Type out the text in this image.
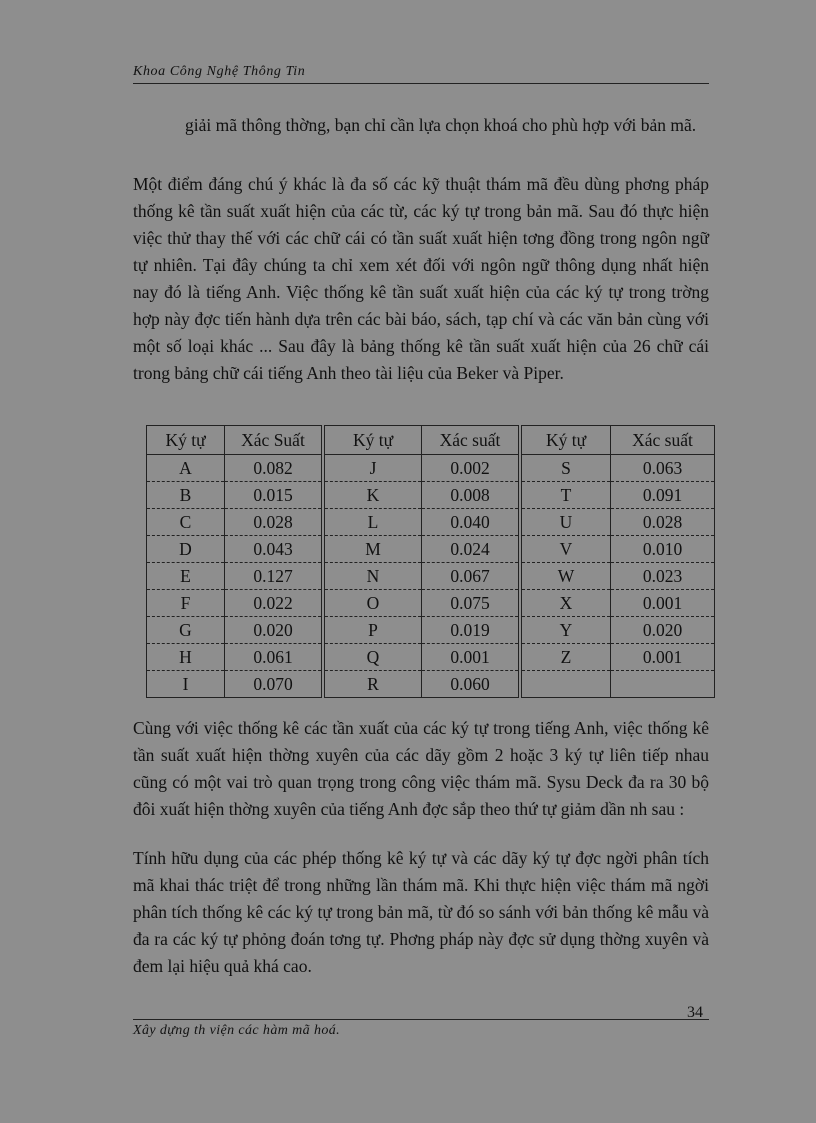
Khoa Công Nghệ Thông Tin

giải mã thông thờng, bạn chỉ cần lựa chọn khoá cho phù hợp với bản mã.

Một điểm đáng chú ý khác là đa số các kỹ thuật thám mã đều dùng phơng pháp thống kê tần suất xuất hiện của các từ, các ký tự trong bản mã. Sau đó thực hiện việc thử thay thế với các chữ cái có tần suất xuất hiện tơng đồng trong ngôn ngữ tự nhiên. Tại đây chúng ta chỉ xem xét đối với ngôn ngữ thông dụng nhất hiện nay đó là tiếng Anh. Việc thống kê tần suất xuất hiện của các ký tự trong trờng hợp này đợc tiến hành dựa trên các bài báo, sách, tạp chí và các văn bản cùng với một số loại khác ... Sau đây là bảng thống kê tần suất xuất hiện của 26 chữ cái trong bảng chữ cái tiếng Anh theo tài liệu của Beker và Piper.

Ký tự	Xác Suất	Ký tự	Xác suất	Ký tự	Xác suất
A	0.082	J	0.002	S	0.063
B	0.015	K	0.008	T	0.091
C	0.028	L	0.040	U	0.028
D	0.043	M	0.024	V	0.010
E	0.127	N	0.067	W	0.023
F	0.022	O	0.075	X	0.001
G	0.020	P	0.019	Y	0.020
H	0.061	Q	0.001	Z	0.001
I	0.070	R	0.060		

Cùng với việc thống kê các tần xuất của các ký tự trong tiếng Anh, việc thống kê tần suất xuất hiện thờng xuyên của các dãy gồm 2 hoặc 3 ký tự liên tiếp nhau cũng có một vai trò quan trọng trong công việc thám mã. Sysu Deck đa ra 30 bộ đôi xuất hiện thờng xuyên của tiếng Anh đợc sắp theo thứ tự giảm dần nh sau :

Tính hữu dụng của các phép thống kê ký tự và các dãy ký tự đợc ngời phân tích mã khai thác triệt để trong những lần thám mã. Khi thực hiện việc thám mã ngời phân tích thống kê các ký tự trong bản mã, từ đó so sánh với bản thống kê mẫu và đa ra các ký tự phỏng đoán tơng tự. Phơng pháp này đợc sử dụng thờng xuyên và đem lại hiệu quả khá cao.

34
Xây dựng th viện các hàm mã hoá.
